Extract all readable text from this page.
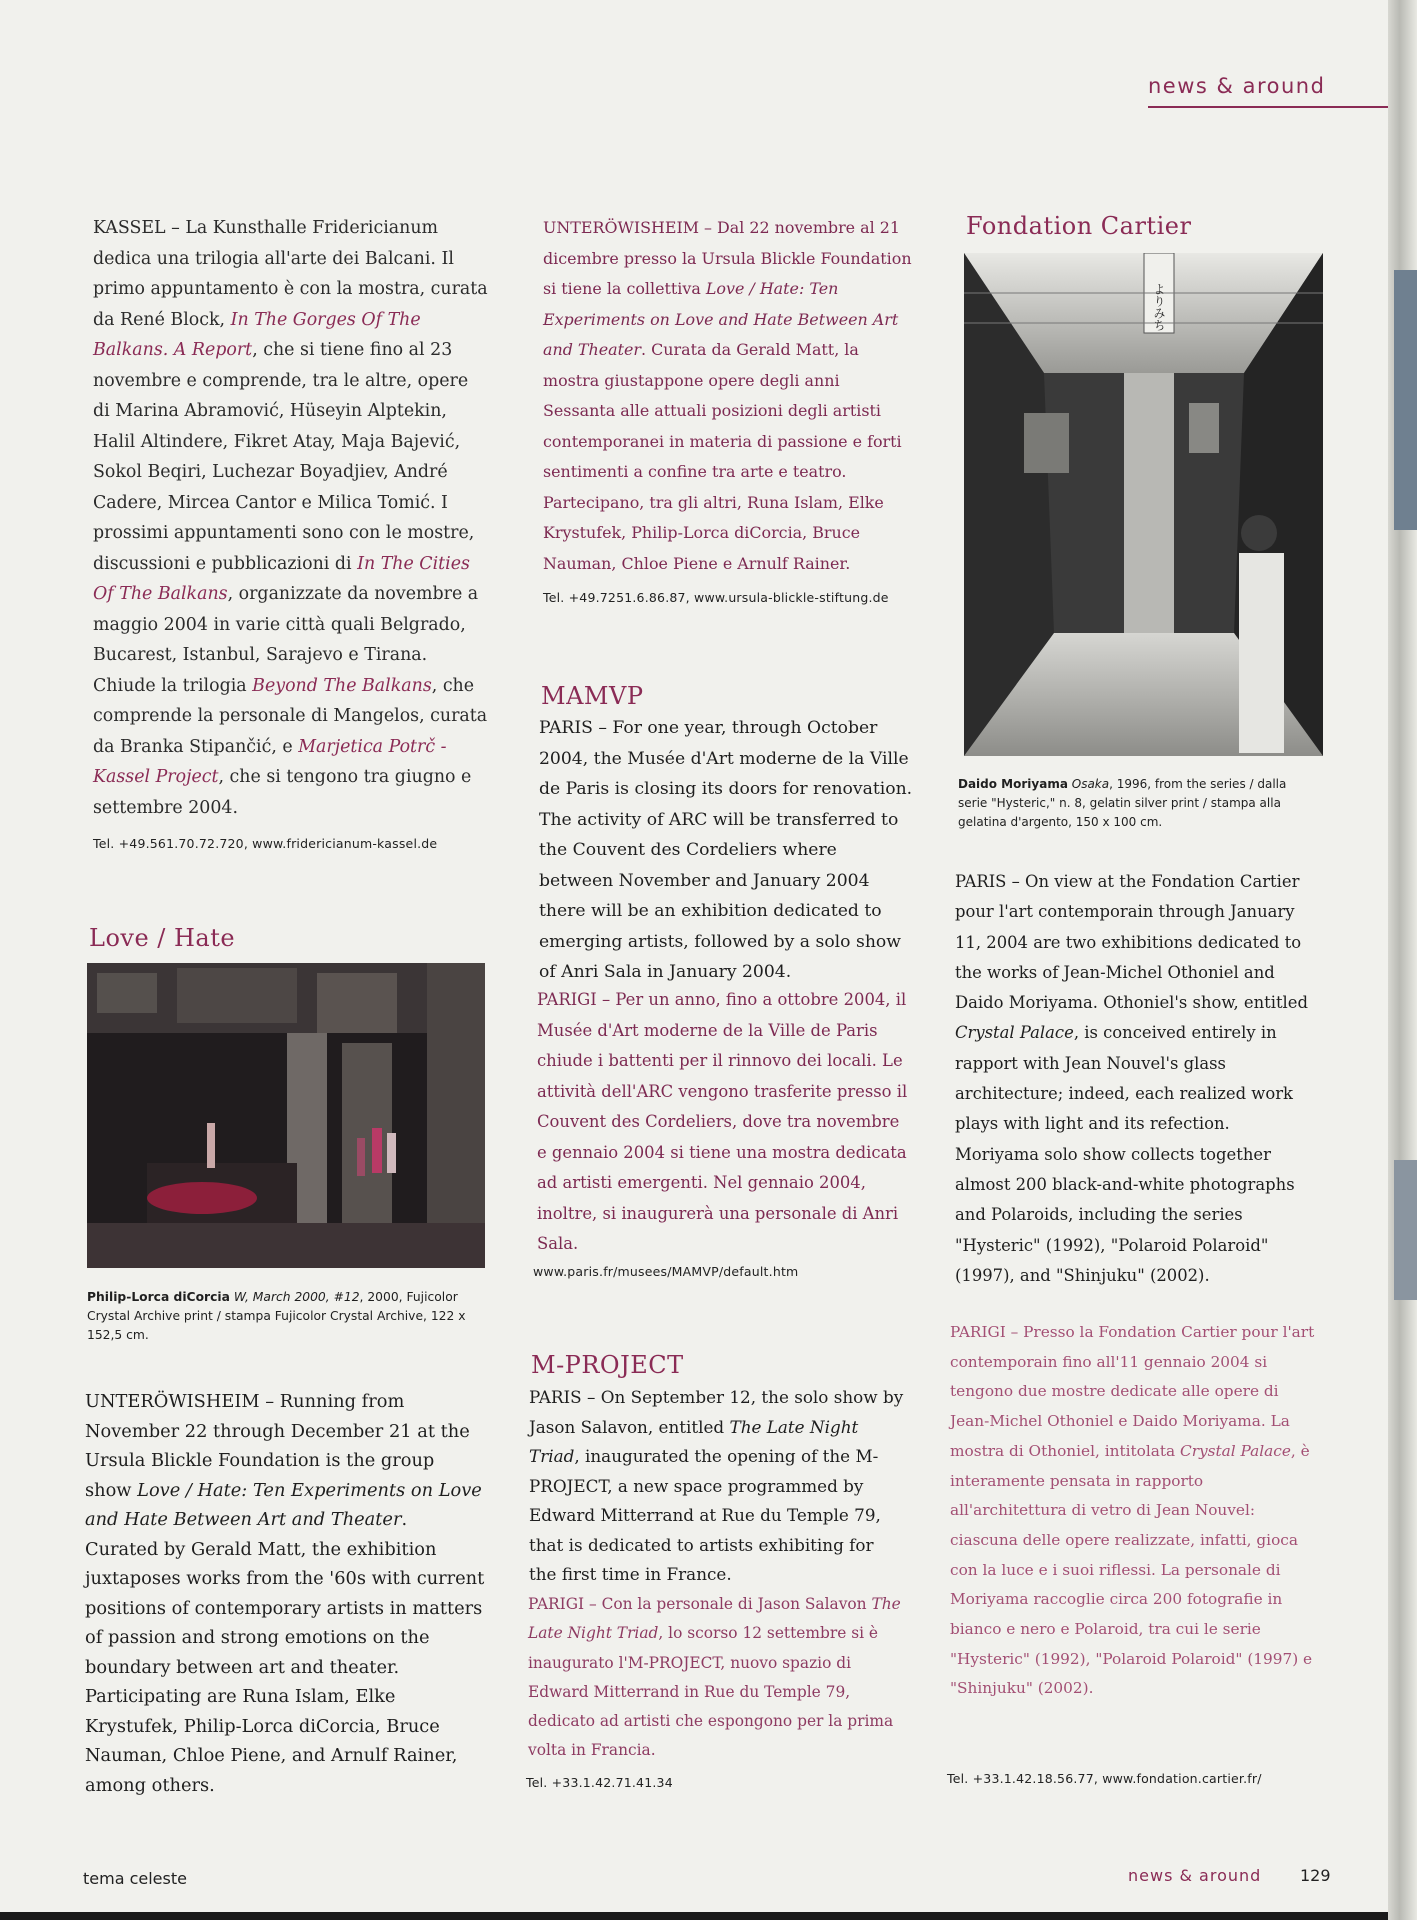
news & around

KASSEL – La Kunsthalle Fridericianum dedica una trilogia all'arte dei Balcani. Il primo appuntamento è con la mostra, curata da René Block, In The Gorges Of The Balkans. A Report, che si tiene fino al 23 novembre e comprende, tra le altre, opere di Marina Abramović, Hüseyin Alptekin, Halil Altindere, Fikret Atay, Maja Bajević, Sokol Beqiri, Luchezar Boyadjiev, André Cadere, Mircea Cantor e Milica Tomić. I prossimi appuntamenti sono con le mostre, discussioni e pubblicazioni di In The Cities Of The Balkans, organizzate da novembre a maggio 2004 in varie città quali Belgrado, Bucarest, Istanbul, Sarajevo e Tirana. Chiude la trilogia Beyond The Balkans, che comprende la personale di Mangelos, curata da Branka Stipančić, e Marjetica Potrč - Kassel Project, che si tengono tra giugno e settembre 2004.

Tel. +49.561.70.72.720, www.fridericianum-kassel.de
Love / Hate
Philip-Lorca diCorcia W, March 2000, #12, 2000, Fujicolor Crystal Archive print / stampa Fujicolor Crystal Archive, 122 x 152,5 cm.

UNTERÖWISHEIM – Running from November 22 through December 21 at the Ursula Blickle Foundation is the group show Love / Hate: Ten Experiments on Love and Hate Between Art and Theater. Curated by Gerald Matt, the exhibition juxtaposes works from the '60s with current positions of contemporary artists in matters of passion and strong emotions on the boundary between art and theater. Participating are Runa Islam, Elke Krystufek, Philip-Lorca diCorcia, Bruce Nauman, Chloe Piene, and Arnulf Rainer, among others.

UNTERÖWISHEIM – Dal 22 novembre al 21 dicembre presso la Ursula Blickle Foundation si tiene la collettiva Love / Hate: Ten Experiments on Love and Hate Between Art and Theater. Curata da Gerald Matt, la mostra giustappone opere degli anni Sessanta alle attuali posizioni degli artisti contemporanei in materia di passione e forti sentimenti a confine tra arte e teatro. Partecipano, tra gli altri, Runa Islam, Elke Krystufek, Philip-Lorca diCorcia, Bruce Nauman, Chloe Piene e Arnulf Rainer.

Tel. +49.7251.6.86.87, www.ursula-blickle-stiftung.de
MAMVP

PARIS – For one year, through October 2004, the Musée d'Art moderne de la Ville de Paris is closing its doors for renovation. The activity of ARC will be transferred to the Couvent des Cordeliers where between November and January 2004 there will be an exhibition dedicated to emerging artists, followed by a solo show of Anri Sala in January 2004.

PARIGI – Per un anno, fino a ottobre 2004, il Musée d'Art moderne de la Ville de Paris chiude i battenti per il rinnovo dei locali. Le attività dell'ARC vengono trasferite presso il Couvent des Cordeliers, dove tra novembre e gennaio 2004 si tiene una mostra dedicata ad artisti emergenti. Nel gennaio 2004, inoltre, si inaugurerà una personale di Anri Sala.

www.paris.fr/musees/MAMVP/default.htm
M-PROJECT

PARIS – On September 12, the solo show by Jason Salavon, entitled The Late Night Triad, inaugurated the opening of the M-PROJECT, a new space programmed by Edward Mitterrand at Rue du Temple 79, that is dedicated to artists exhibiting for the first time in France.

PARIGI – Con la personale di Jason Salavon The Late Night Triad, lo scorso 12 settembre si è inaugurato l'M-PROJECT, nuovo spazio di Edward Mitterrand in Rue du Temple 79, dedicato ad artisti che espongono per la prima volta in Francia.

Tel. +33.1.42.71.41.34
Fondation Cartier
よりみち
Daido Moriyama Osaka, 1996, from the series / dalla serie "Hysteric," n. 8, gelatin silver print / stampa alla gelatina d'argento, 150 x 100 cm.

PARIS – On view at the Fondation Cartier pour l'art contemporain through January 11, 2004 are two exhibitions dedicated to the works of Jean-Michel Othoniel and Daido Moriyama. Othoniel's show, entitled Crystal Palace, is conceived entirely in rapport with Jean Nouvel's glass architecture; indeed, each realized work plays with light and its refection. Moriyama solo show collects together almost 200 black-and-white photographs and Polaroids, including the series "Hysteric" (1992), "Polaroid Polaroid" (1997), and "Shinjuku" (2002).

PARIGI – Presso la Fondation Cartier pour l'art contemporain fino all'11 gennaio 2004 si tengono due mostre dedicate alle opere di Jean-Michel Othoniel e Daido Moriyama. La mostra di Othoniel, intitolata Crystal Palace, è interamente pensata in rapporto all'architettura di vetro di Jean Nouvel: ciascuna delle opere realizzate, infatti, gioca con la luce e i suoi riflessi. La personale di Moriyama raccoglie circa 200 fotografie in bianco e nero e Polaroid, tra cui le serie "Hysteric" (1992), "Polaroid Polaroid" (1997) e "Shinjuku" (2002).

Tel. +33.1.42.18.56.77, www.fondation.cartier.fr/
tema celeste	news & around 129
